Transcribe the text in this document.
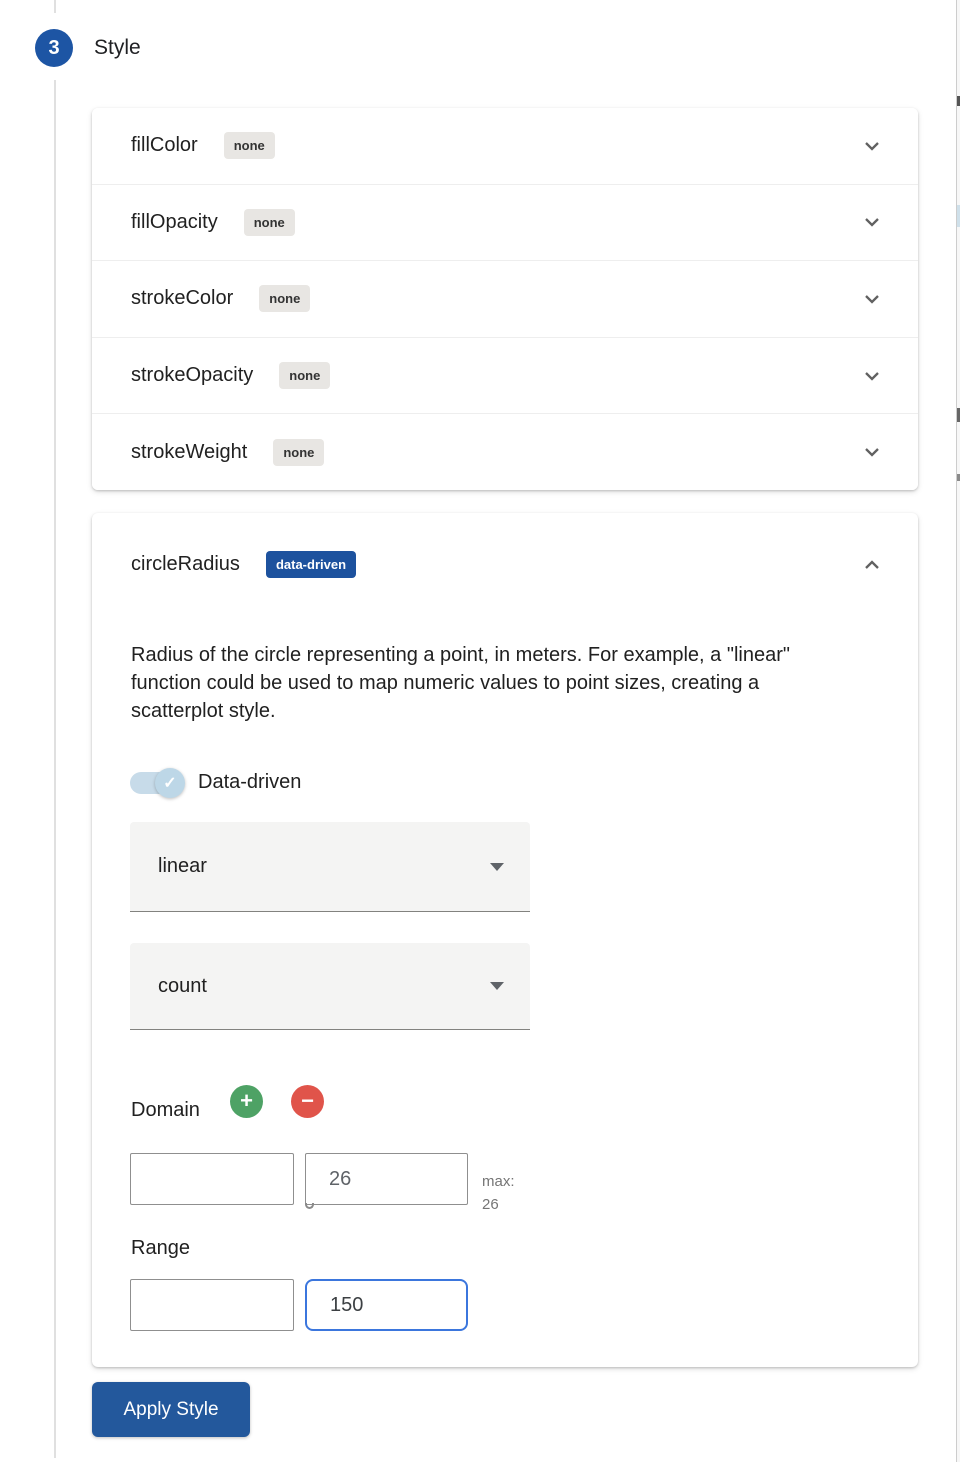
3	Style
fillColor	none
fillOpacity	none
strokeColor	none
strokeOpacity	none
strokeWeight	none
circleRadius	data-driven

Radius of the circle representing a point, in meters. For example, a "linear" function could be used to map numeric values to point sizes, creating a scatterplot style.

✓ Data-driven
linear
count
Domain	+ −
26
max:
26
Range
150
Apply Style
